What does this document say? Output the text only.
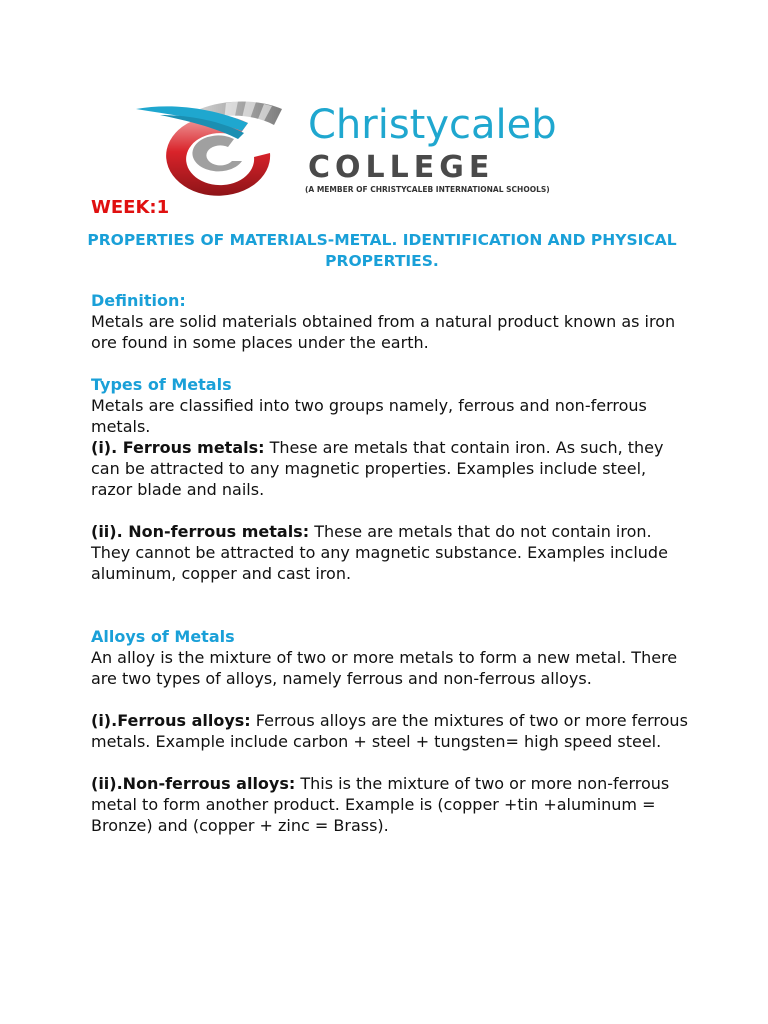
Christycaleb
COLLEGE
(A MEMBER OF CHRISTYCALEB INTERNATIONAL SCHOOLS)
WEEK:1
PROPERTIES OF MATERIALS-METAL. IDENTIFICATION AND PHYSICAL PROPERTIES.
Definition:

Metals are solid materials obtained from a natural product known as iron ore found in some places under the earth.

Types of Metals

Metals are classified into two groups namely, ferrous and non-ferrous metals.

(i). Ferrous metals: These are metals that contain iron. As such, they can be attracted to any magnetic properties. Examples include steel, razor blade and nails.

(ii). Non-ferrous metals: These are metals that do not contain iron. They cannot be attracted to any magnetic substance. Examples include aluminum, copper and cast iron.

Alloys of Metals

An alloy is the mixture of two or more metals to form a new metal. There are two types of alloys, namely ferrous and non-ferrous alloys.

(i).Ferrous alloys: Ferrous alloys are the mixtures of two or more ferrous metals. Example include carbon + steel + tungsten= high speed steel.

(ii).Non-ferrous alloys: This is the mixture of two or more non-ferrous metal to form another product. Example is (copper +tin +aluminum = Bronze) and (copper + zinc = Brass).
